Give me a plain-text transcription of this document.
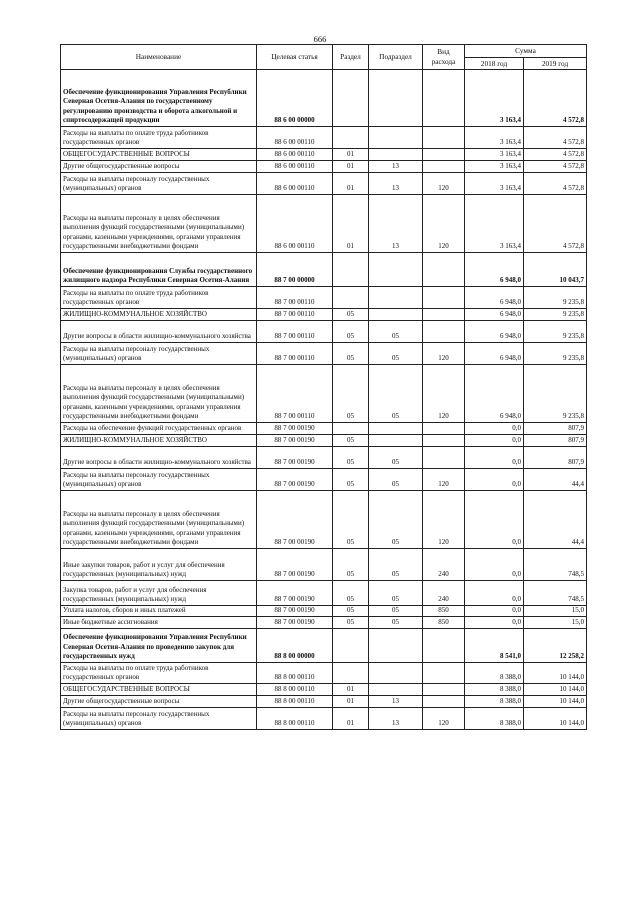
666
Наименование	Целевая статья	Раздел	Подраздел	Вид расхода	Сумма	
					2018 год	2019 год
Обеспечение функционирования Управления Республики Северная Осетия-Алания по государственному регулированию производства и оборота алкогольной и спиртосодержащей продукции	88 6 00 00000				3 163,4	4 572,8
Расходы на выплаты по оплате труда работников государственных органов	88 6 00 00110				3 163,4	4 572,8
ОБЩЕГОСУДАРСТВЕННЫЕ ВОПРОСЫ	88 6 00 00110	01			3 163,4	4 572,8
Другие общегосударственные вопросы	88 6 00 00110	01	13		3 163,4	4 572,8
Расходы на выплаты персоналу государственных (муниципальных) органов	88 6 00 00110	01	13	120	3 163,4	4 572,8
Расходы на выплаты персоналу в целях обеспечения выполнения функций государственными (муниципальными) органами, казенными учреждениями, органами управления государственными внебюджетными фондами	88 6 00 00110	01	13	120	3 163,4	4 572,8
Обеспечение функционирования Службы государственного жилищного надзора Республики Северная Осетия-Алания	88 7 00 00000				6 948,0	10 043,7
Расходы на выплаты по оплате труда работников государственных органов	88 7 00 00110				6 948,0	9 235,8
ЖИЛИЩНО-КОММУНАЛЬНОЕ ХОЗЯЙСТВО	88 7 00 00110	05			6 948,0	9 235,8
Другие вопросы в области жилищно-коммунального хозяйства	88 7 00 00110	05	05		6 948,0	9 235,8
Расходы на выплаты персоналу государственных (муниципальных) органов	88 7 00 00110	05	05	120	6 948,0	9 235,8
Расходы на выплаты персоналу в целях обеспечения выполнения функций государственными (муниципальными) органами, казенными учреждениями, органами управления государственными внебюджетными фондами	88 7 00 00110	05	05	120	6 948,0	9 235,8
Расходы на обеспечение функций государственных органов	88 7 00 00190				0,0	807,9
ЖИЛИЩНО-КОММУНАЛЬНОЕ ХОЗЯЙСТВО	88 7 00 00190	05			0,0	807,9
Другие вопросы в области жилищно-коммунального хозяйства	88 7 00 00190	05	05		0,0	807,9
Расходы на выплаты персоналу государственных (муниципальных) органов	88 7 00 00190	05	05	120	0,0	44,4
Расходы на выплаты персоналу в целях обеспечения выполнения функций государственными (муниципальными) органами, казенными учреждениями, органами управления государственными внебюджетными фондами	88 7 00 00190	05	05	120	0,0	44,4
Иные закупки товаров, работ и услуг для обеспечения государственных (муниципальных) нужд	88 7 00 00190	05	05	240	0,0	748,5
Закупка товаров, работ и услуг для обеспечения государственных (муниципальных) нужд	88 7 00 00190	05	05	240	0,0	748,5
Уплата налогов, сборов и иных платежей	88 7 00 00190	05	05	850	0,0	15,0
Иные бюджетные ассигнования	88 7 00 00190	05	05	850	0,0	15,0
Обеспечение функционирования Управления Республики Северная Осетия-Алания по проведению закупок для государственных нужд	88 8 00 00000				8 541,0	12 258,2
Расходы на выплаты по оплате труда работников государственных органов	88 8 00 00110				8 388,0	10 144,0
ОБЩЕГОСУДАРСТВЕННЫЕ ВОПРОСЫ	88 8 00 00110	01			8 388,0	10 144,0
Другие общегосударственные вопросы	88 8 00 00110	01	13		8 388,0	10 144,0
Расходы на выплаты персоналу государственных (муниципальных) органов	88 8 00 00110	01	13	120	8 388,0	10 144,0
